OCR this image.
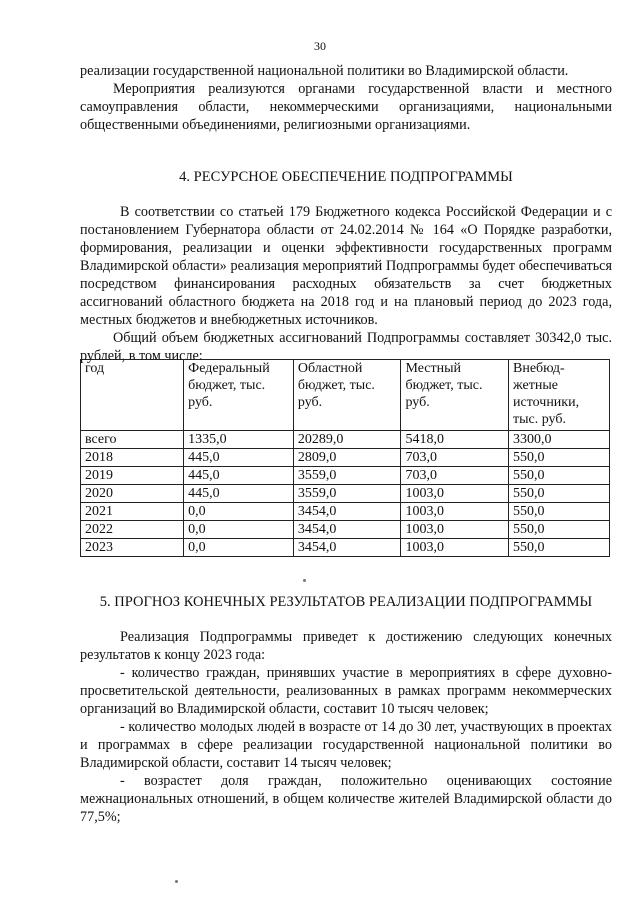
30

реализации государственной национальной политики во Владимирской области.

Мероприятия реализуются органами государственной власти и местного самоуправления области, некоммерческими организациями, национальными общественными объединениями, религиозными организациями.

4. РЕСУРСНОЕ ОБЕСПЕЧЕНИЕ ПОДПРОГРАММЫ

В соответствии со статьей 179 Бюджетного кодекса Российской Федерации и с постановлением Губернатора области от 24.02.2014 № 164 «О Порядке разработки, формирования, реализации и оценки эффективности государственных программ Владимирской области» реализация мероприятий Подпрограммы будет обеспечиваться посредством финансирования расходных обязательств за счет бюджетных ассигнований областного бюджета на 2018 год и на плановый период до 2023 года, местных бюджетов и внебюджетных источников.

Общий объем бюджетных ассигнований Подпрограммы составляет 30342,0 тыс. рублей, в том числе:

год	Федеральный бюджет, тыс. руб.	Областной бюджет, тыс. руб.	Местный бюджет, тыс. руб.	Внебюд-жетные источники, тыс. руб.
всего	1335,0	20289,0	5418,0	3300,0
2018	445,0	2809,0	703,0	550,0
2019	445,0	3559,0	703,0	550,0
2020	445,0	3559,0	1003,0	550,0
2021	0,0	3454,0	1003,0	550,0
2022	0,0	3454,0	1003,0	550,0
2023	0,0	3454,0	1003,0	550,0
5. ПРОГНОЗ КОНЕЧНЫХ РЕЗУЛЬТАТОВ РЕАЛИЗАЦИИ ПОДПРОГРАММЫ

Реализация Подпрограммы приведет к достижению следующих конечных результатов к концу 2023 года:

- количество граждан, принявших участие в мероприятиях в сфере духовно-просветительской деятельности, реализованных в рамках программ некоммерческих организаций во Владимирской области, составит 10 тысяч человек;

- количество молодых людей в возрасте от 14 до 30 лет, участвующих в проектах и программах в сфере реализации государственной национальной политики во Владимирской области, составит 14 тысяч человек;

- возрастет доля граждан, положительно оценивающих состояние межнациональных отношений, в общем количестве жителей Владимирской области до 77,5%;
